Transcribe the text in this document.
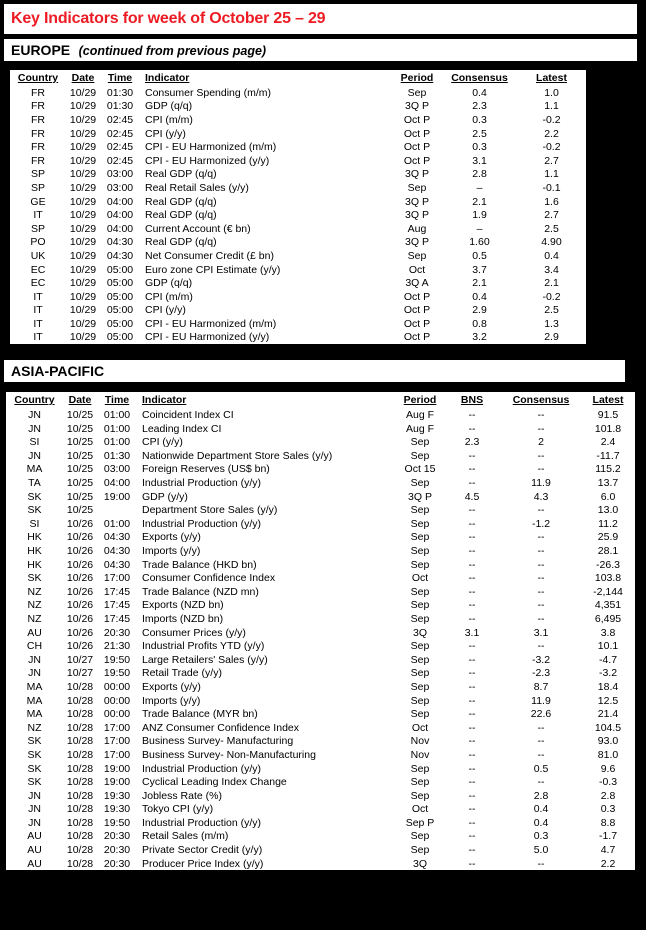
Key Indicators for week of October 25 – 29
EUROPE (continued from previous page)
Country	Date	Time	Indicator	Period	Consensus	Latest
FR	10/29	01:30	Consumer Spending (m/m)	Sep	0.4	1.0
FR	10/29	01:30	GDP (q/q)	3Q P	2.3	1.1
FR	10/29	02:45	CPI (m/m)	Oct P	0.3	-0.2
FR	10/29	02:45	CPI (y/y)	Oct P	2.5	2.2
FR	10/29	02:45	CPI - EU Harmonized (m/m)	Oct P	0.3	-0.2
FR	10/29	02:45	CPI - EU Harmonized (y/y)	Oct P	3.1	2.7
SP	10/29	03:00	Real GDP (q/q)	3Q P	2.8	1.1
SP	10/29	03:00	Real Retail Sales (y/y)	Sep	–	-0.1
GE	10/29	04:00	Real GDP (q/q)	3Q P	2.1	1.6
IT	10/29	04:00	Real GDP (q/q)	3Q P	1.9	2.7
SP	10/29	04:00	Current Account (€ bn)	Aug	–	2.5
PO	10/29	04:30	Real GDP (q/q)	3Q P	1.60	4.90
UK	10/29	04:30	Net Consumer Credit (£ bn)	Sep	0.5	0.4
EC	10/29	05:00	Euro zone CPI Estimate (y/y)	Oct	3.7	3.4
EC	10/29	05:00	GDP (q/q)	3Q A	2.1	2.1
IT	10/29	05:00	CPI (m/m)	Oct P	0.4	-0.2
IT	10/29	05:00	CPI (y/y)	Oct P	2.9	2.5
IT	10/29	05:00	CPI - EU Harmonized (m/m)	Oct P	0.8	1.3
IT	10/29	05:00	CPI - EU Harmonized (y/y)	Oct P	3.2	2.9
ASIA-PACIFIC
Country	Date	Time	Indicator	Period	BNS	Consensus	Latest
JN	10/25	01:00	Coincident Index CI	Aug F	--	--	91.5
JN	10/25	01:00	Leading Index CI	Aug F	--	--	101.8
SI	10/25	01:00	CPI (y/y)	Sep	2.3	2	2.4
JN	10/25	01:30	Nationwide Department Store Sales (y/y)	Sep	--	--	-11.7
MA	10/25	03:00	Foreign Reserves (US$ bn)	Oct 15	--	--	115.2
TA	10/25	04:00	Industrial Production (y/y)	Sep	--	11.9	13.7
SK	10/25	19:00	GDP (y/y)	3Q P	4.5	4.3	6.0
SK	10/25		Department Store Sales (y/y)	Sep	--	--	13.0
SI	10/26	01:00	Industrial Production (y/y)	Sep	--	-1.2	11.2
HK	10/26	04:30	Exports (y/y)	Sep	--	--	25.9
HK	10/26	04:30	Imports (y/y)	Sep	--	--	28.1
HK	10/26	04:30	Trade Balance (HKD bn)	Sep	--	--	-26.3
SK	10/26	17:00	Consumer Confidence Index	Oct	--	--	103.8
NZ	10/26	17:45	Trade Balance (NZD mn)	Sep	--	--	-2,144
NZ	10/26	17:45	Exports (NZD bn)	Sep	--	--	4,351
NZ	10/26	17:45	Imports (NZD bn)	Sep	--	--	6,495
AU	10/26	20:30	Consumer Prices (y/y)	3Q	3.1	3.1	3.8
CH	10/26	21:30	Industrial Profits YTD (y/y)	Sep	--	--	10.1
JN	10/27	19:50	Large Retailers' Sales (y/y)	Sep	--	-3.2	-4.7
JN	10/27	19:50	Retail Trade (y/y)	Sep	--	-2.3	-3.2
MA	10/28	00:00	Exports (y/y)	Sep	--	8.7	18.4
MA	10/28	00:00	Imports (y/y)	Sep	--	11.9	12.5
MA	10/28	00:00	Trade Balance (MYR bn)	Sep	--	22.6	21.4
NZ	10/28	17:00	ANZ Consumer Confidence Index	Oct	--	--	104.5
SK	10/28	17:00	Business Survey- Manufacturing	Nov	--	--	93.0
SK	10/28	17:00	Business Survey- Non-Manufacturing	Nov	--	--	81.0
SK	10/28	19:00	Industrial Production (y/y)	Sep	--	0.5	9.6
SK	10/28	19:00	Cyclical Leading Index Change	Sep	--	--	-0.3
JN	10/28	19:30	Jobless Rate (%)	Sep	--	2.8	2.8
JN	10/28	19:30	Tokyo CPI (y/y)	Oct	--	0.4	0.3
JN	10/28	19:50	Industrial Production (y/y)	Sep P	--	0.4	8.8
AU	10/28	20:30	Retail Sales (m/m)	Sep	--	0.3	-1.7
AU	10/28	20:30	Private Sector Credit (y/y)	Sep	--	5.0	4.7
AU	10/28	20:30	Producer Price Index (y/y)	3Q	--	--	2.2
